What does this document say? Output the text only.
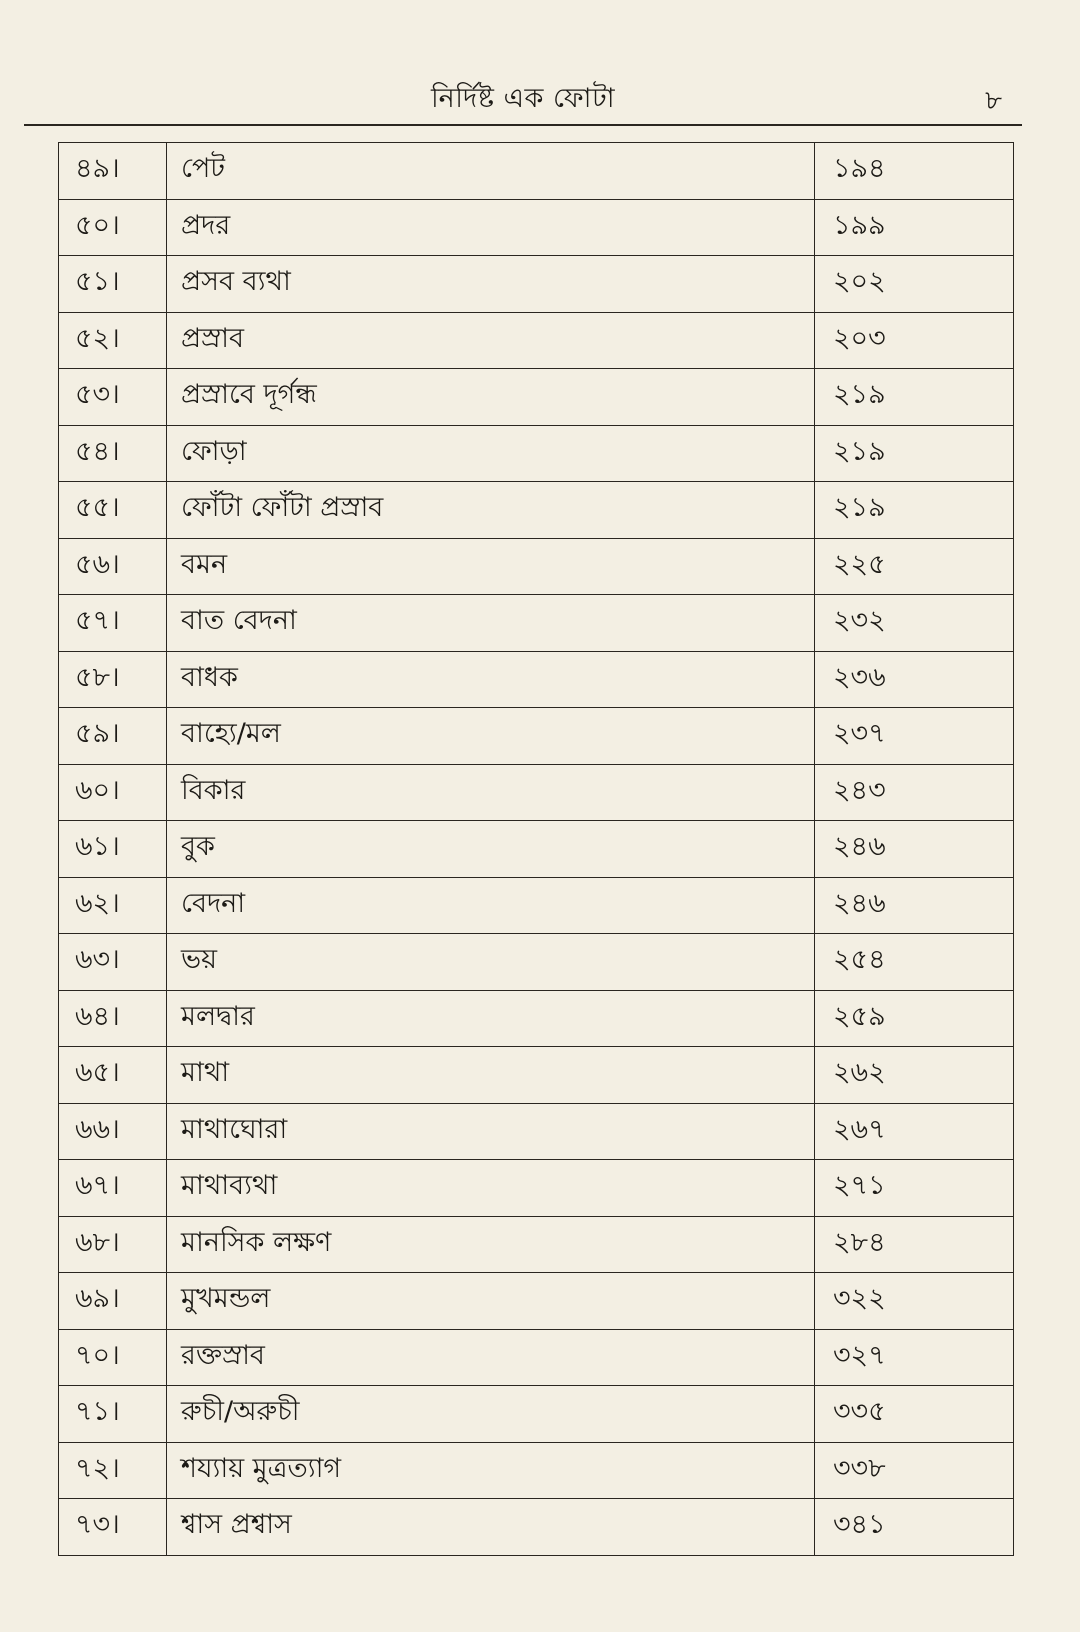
নির্দিষ্ট এক ফোটা	৮
৪৯।	পেট	১৯৪
৫০।	প্রদর	১৯৯
৫১।	প্রসব ব্যথা	২০২
৫২।	প্রস্রাব	২০৩
৫৩।	প্রস্রাবে দূর্গন্ধ	২১৯
৫৪।	ফোড়া	২১৯
৫৫।	ফোঁটা ফোঁটা প্রস্রাব	২১৯
৫৬।	বমন	২২৫
৫৭।	বাত বেদনা	২৩২
৫৮।	বাধক	২৩৬
৫৯।	বাহ্যে/মল	২৩৭
৬০।	বিকার	২৪৩
৬১।	বুক	২৪৬
৬২।	বেদনা	২৪৬
৬৩।	ভয়	২৫৪
৬৪।	মলদ্বার	২৫৯
৬৫।	মাথা	২৬২
৬৬।	মাথাঘোরা	২৬৭
৬৭।	মাথাব্যথা	২৭১
৬৮।	মানসিক লক্ষণ	২৮৪
৬৯।	মুখমন্ডল	৩২২
৭০।	রক্তস্রাব	৩২৭
৭১।	রুচী/অরুচী	৩৩৫
৭২।	শয্যায় মুত্রত্যাগ	৩৩৮
৭৩।	শ্বাস প্রশ্বাস	৩৪১
